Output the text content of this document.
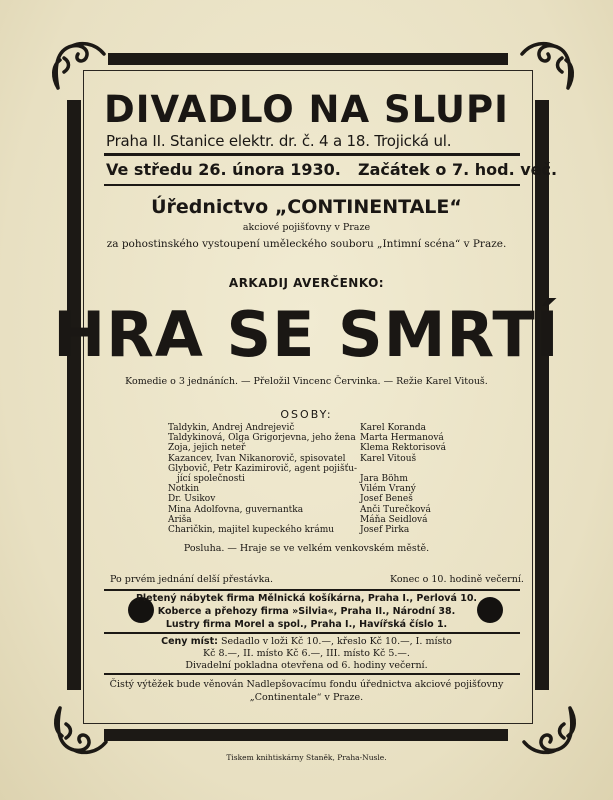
DIVADLO NA SLUPI
Praha II. Stanice elektr. dr. č. 4 a 18. Trojická ul.
Ve středu 26. února 1930. Začátek o 7. hod. več.
Úřednictvo „CONTINENTALE“
akciové pojišťovny v Praze
za pohostinského vystoupení uměleckého souboru „Intimní scéna“ v Praze.
ARKADIJ AVERČENKO:
HRA SE SMRTÍ
Komedie o 3 jednáních. — Přeložil Vincenc Červinka. — Režie Karel Vitouš.
OSOBY:
Taldykin, Andrej Andrejevič	Karel Koranda
Taldykinová, Olga Grigorjevna, jeho žena Marta Hermanová
Zoja, jejich neteř	Klema Rektorisová
Kazancev, Ivan Nikanorovič, spisovatel Karel Vitouš
Glybovič, Petr Kazimirovič, agent pojišťu-
jící společnosti	Jara Böhm
Notkin	Vilém Vraný
Dr. Usikov	Josef Beneš
Mina Adolfovna, guvernantka	Anči Turečková
Ariša	Máňa Seidlová
Charičkin, majitel kupeckého krámu	Josef Pirka
Posluha. — Hraje se ve velkém venkovském městě.
Po prvém jednání delší přestávka.	Konec o 10. hodině večerní.
Pletený nábytek firma Mělnická košíkárna, Praha I., Perlová 10.
Koberce a přehozy firma »Silvia«, Praha II., Národní 38.
Lustry firma Morel a spol., Praha I., Havířská číslo 1.
Ceny míst: Sedadlo v loži Kč 10.—, křeslo Kč 10.—, I. místo
Kč 8.—, II. místo Kč 6.—, III. místo Kč 5.—.
Divadelní pokladna otevřena od 6. hodiny večerní.
Čistý výtěžek bude věnován Nadlepšovacímu fondu úřednictva akciové pojišťovny
„Continentale“ v Praze.
Tiskem knihtiskárny Staněk, Praha-Nusle.
